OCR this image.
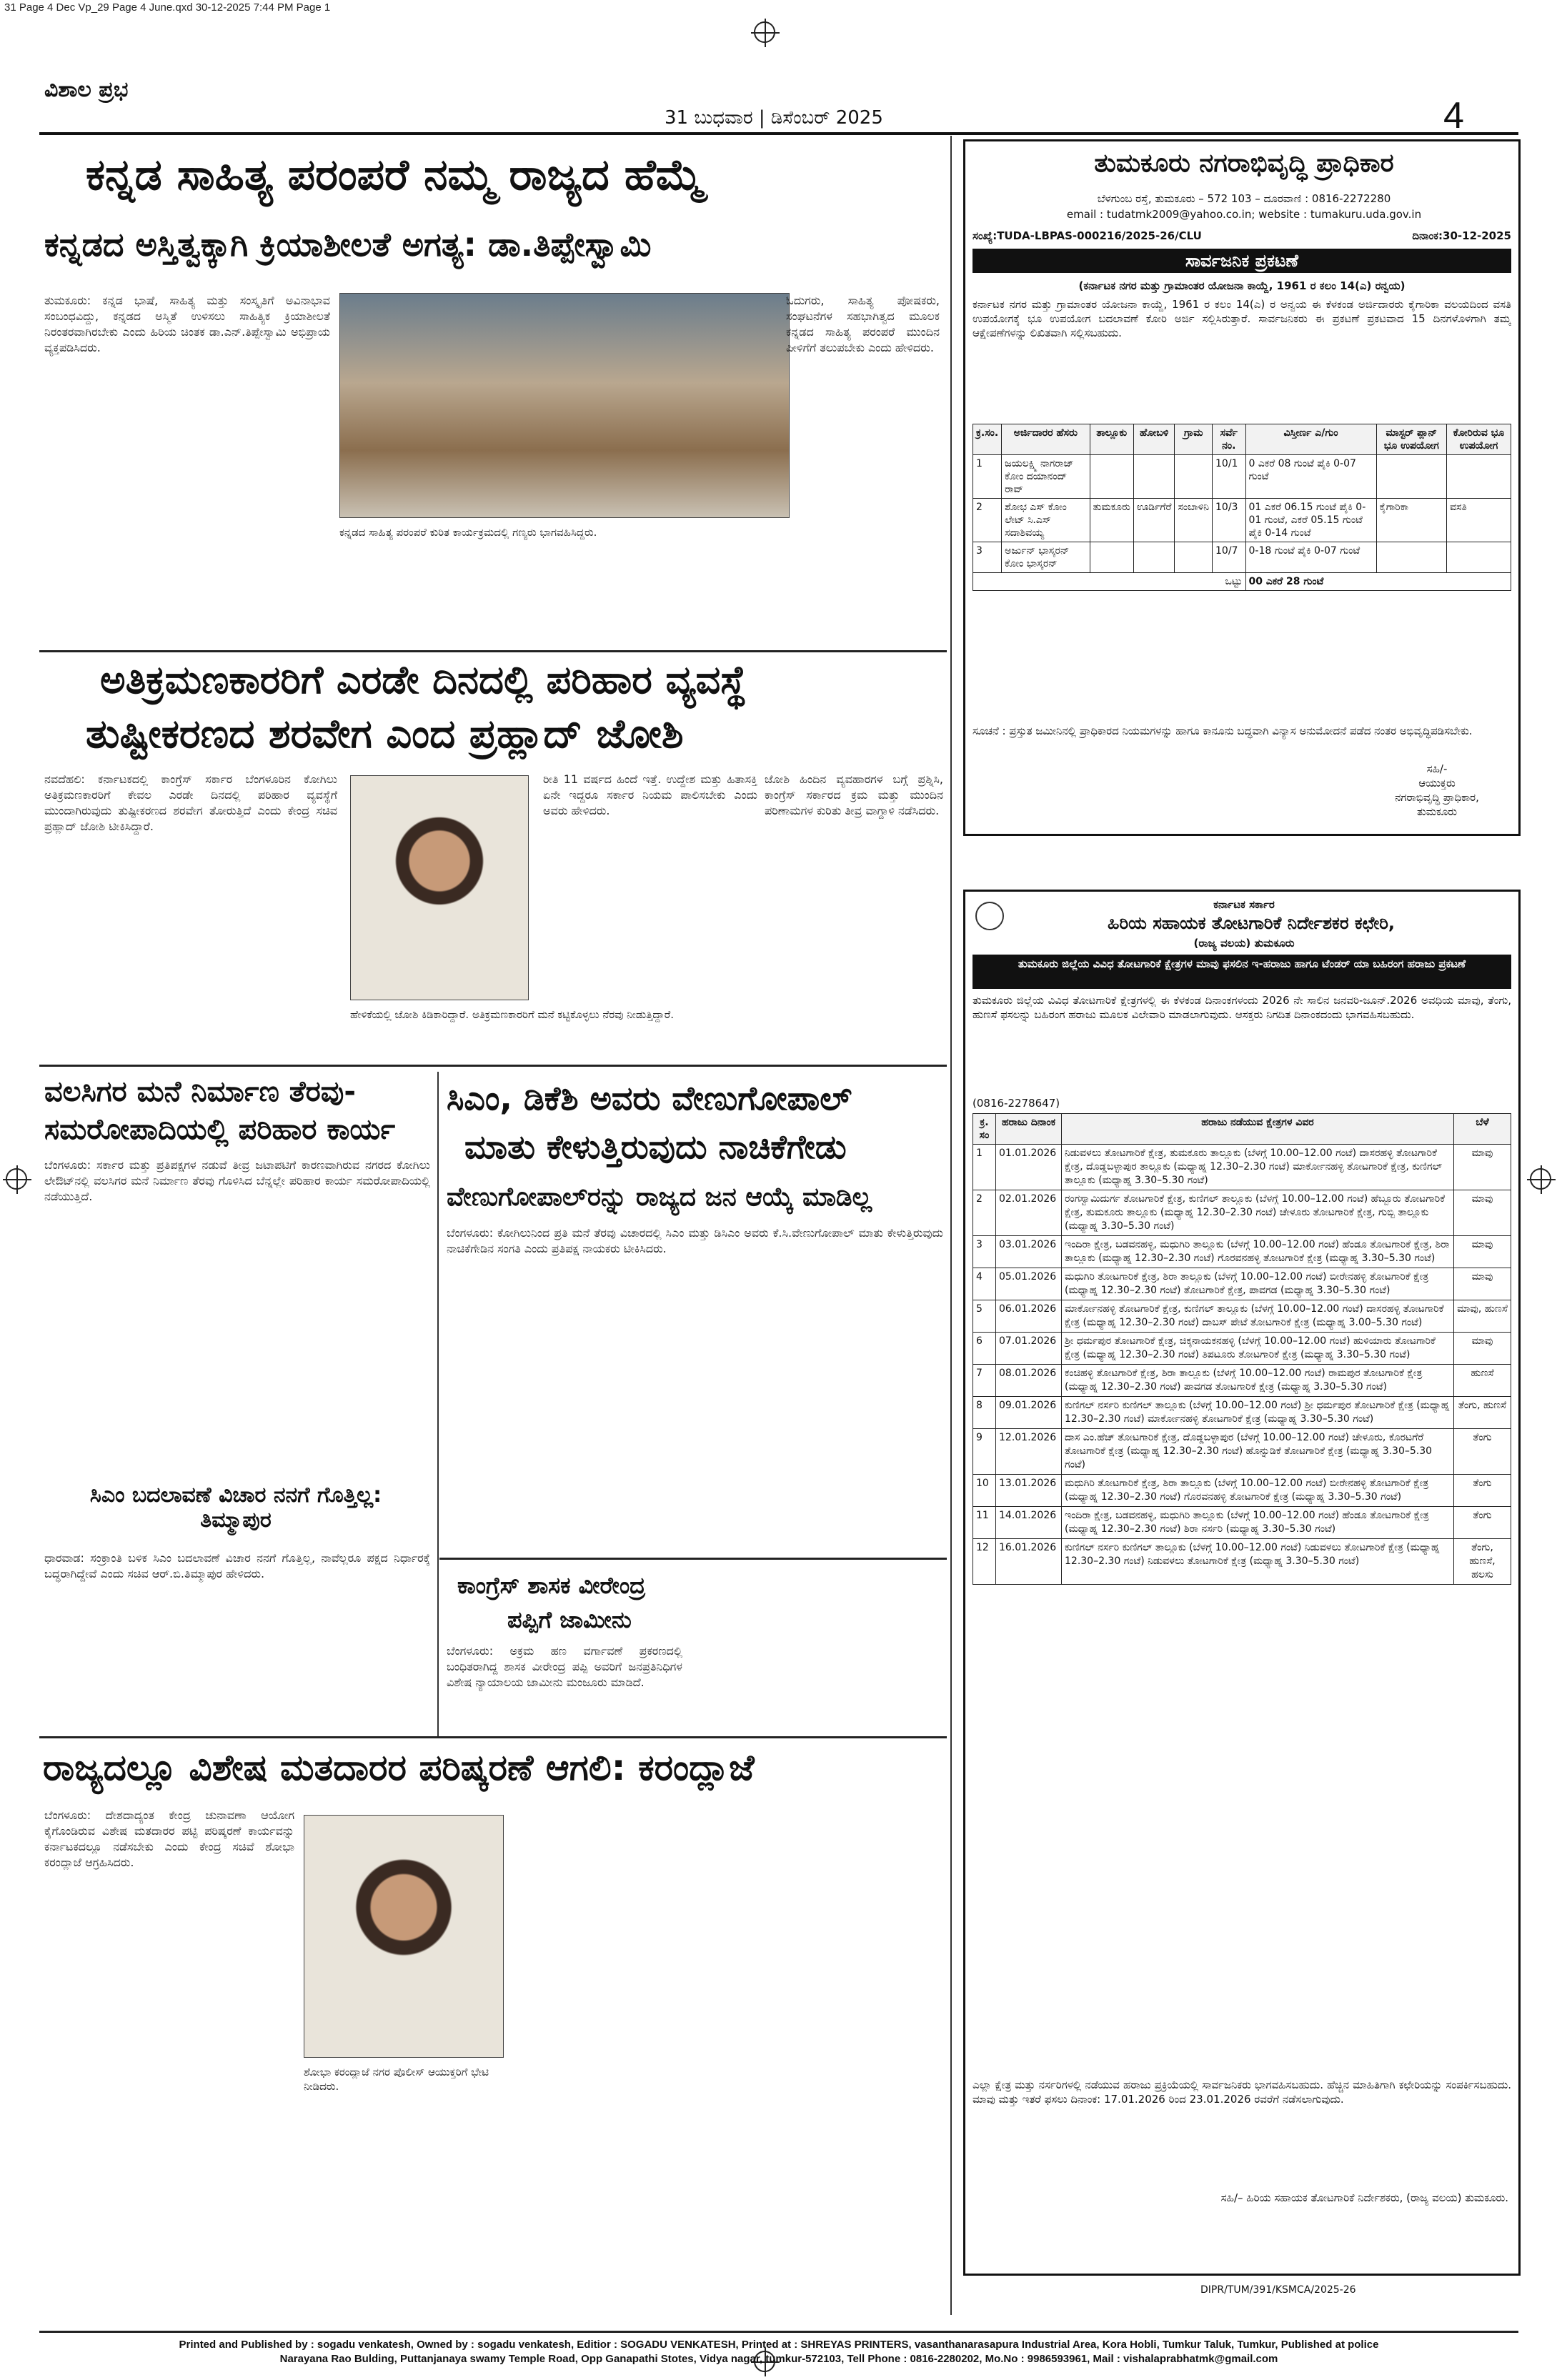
31 Page 4 Dec Vp_29 Page 4 June.qxd 30-12-2025 7:44 PM Page 1
ವಿಶಾಲ ಪ್ರಭ
31 ಬುಧವಾರ | ಡಿಸೆಂಬರ್ 2025	4
ಕನ್ನಡ ಸಾಹಿತ್ಯ ಪರಂಪರೆ ನಮ್ಮ ರಾಜ್ಯದ ಹೆಮ್ಮೆ
ಕನ್ನಡದ ಅಸ್ತಿತ್ವಕ್ಕಾಗಿ ಕ್ರಿಯಾಶೀಲತೆ ಅಗತ್ಯ: ಡಾ.ತಿಪ್ಪೇಸ್ವಾಮಿ
ತುಮಕೂರು: ಕನ್ನಡ ಭಾಷೆ, ಸಾಹಿತ್ಯ ಮತ್ತು ಸಂಸ್ಕೃತಿಗೆ ಅವಿನಾಭಾವ ಸಂಬಂಧವಿದ್ದು, ಕನ್ನಡದ ಅಸ್ಮಿತೆ ಉಳಿಸಲು ಸಾಹಿತ್ಯಿಕ ಕ್ರಿಯಾಶೀಲತೆ ನಿರಂತರವಾಗಿರಬೇಕು ಎಂದು ಹಿರಿಯ ಚಿಂತಕ ಡಾ.ಎನ್.ತಿಪ್ಪೇಸ್ವಾಮಿ ಅಭಿಪ್ರಾಯ ವ್ಯಕ್ತಪಡಿಸಿದರು.
ಕನ್ನಡದ ಸಾಹಿತ್ಯ ಪರಂಪರೆ ಕುರಿತ ಕಾರ್ಯಕ್ರಮದಲ್ಲಿ ಗಣ್ಯರು ಭಾಗವಹಿಸಿದ್ದರು.
ಓದುಗರು, ಸಾಹಿತ್ಯ ಪೋಷಕರು, ಸಂಘಟನೆಗಳ ಸಹಭಾಗಿತ್ವದ ಮೂಲಕ ಕನ್ನಡದ ಸಾಹಿತ್ಯ ಪರಂಪರೆ ಮುಂದಿನ ಪೀಳಿಗೆಗೆ ತಲುಪಬೇಕು ಎಂದು ಹೇಳಿದರು.
ಅತಿಕ್ರಮಣಕಾರರಿಗೆ ಎರಡೇ ದಿನದಲ್ಲಿ ಪರಿಹಾರ ವ್ಯವಸ್ಥೆ
ತುಷ್ಟೀಕರಣದ ಶರವೇಗ ಎಂದ ಪ್ರಹ್ಲಾದ್ ಜೋಶಿ
ನವದೆಹಲಿ: ಕರ್ನಾಟಕದಲ್ಲಿ ಕಾಂಗ್ರೆಸ್ ಸರ್ಕಾರ ಬೆಂಗಳೂರಿನ ಕೋಗಿಲು ಅತಿಕ್ರಮಣಕಾರರಿಗೆ ಕೇವಲ ಎರಡೇ ದಿನದಲ್ಲಿ ಪರಿಹಾರ ವ್ಯವಸ್ಥೆಗೆ ಮುಂದಾಗಿರುವುದು ತುಷ್ಟೀಕರಣದ ಶರವೇಗ ತೋರುತ್ತಿದೆ ಎಂದು ಕೇಂದ್ರ ಸಚಿವ ಪ್ರಹ್ಲಾದ್ ಜೋಶಿ ಟೀಕಿಸಿದ್ದಾರೆ.
ಹೇಳಿಕೆಯಲ್ಲಿ ಜೋಶಿ ಕಿಡಿಕಾರಿದ್ದಾರೆ. ಅತಿಕ್ರಮಣಕಾರರಿಗೆ ಮನೆ ಕಟ್ಟಿಕೊಳ್ಳಲು ನೆರವು ನೀಡುತ್ತಿದ್ದಾರೆ.
ರೀತಿ 11 ವರ್ಷದ ಹಿಂದೆ ಇತ್ತೆ. ಉದ್ದೇಶ ಮತ್ತು ಹಿತಾಸಕ್ತಿ ಏನೇ ಇದ್ದರೂ ಸರ್ಕಾರ ನಿಯಮ ಪಾಲಿಸಬೇಕು ಎಂದು ಅವರು ಹೇಳಿದರು.
ಜೋಶಿ ಹಿಂದಿನ ವ್ಯವಹಾರಗಳ ಬಗ್ಗೆ ಪ್ರಶ್ನಿಸಿ, ಕಾಂಗ್ರೆಸ್ ಸರ್ಕಾರದ ಕ್ರಮ ಮತ್ತು ಮುಂದಿನ ಪರಿಣಾಮಗಳ ಕುರಿತು ತೀವ್ರ ವಾಗ್ದಾಳಿ ನಡೆಸಿದರು.
ವಲಸಿಗರ ಮನೆ ನಿರ್ಮಾಣ ತೆರವು-
ಸಮರೋಪಾದಿಯಲ್ಲಿ ಪರಿಹಾರ ಕಾರ್ಯ
ಬೆಂಗಳೂರು: ಸರ್ಕಾರ ಮತ್ತು ಪ್ರತಿಪಕ್ಷಗಳ ನಡುವೆ ತೀವ್ರ ಜಟಾಪಟಿಗೆ ಕಾರಣವಾಗಿರುವ ನಗರದ ಕೋಗಿಲು ಲೇಔಟ್‌ನಲ್ಲಿ ವಲಸಿಗರ ಮನೆ ನಿರ್ಮಾಣ ತೆರವು ಗೊಳಿಸಿದ ಬೆನ್ನಲ್ಲೇ ಪರಿಹಾರ ಕಾರ್ಯ ಸಮರೋಪಾದಿಯಲ್ಲಿ ನಡೆಯುತ್ತಿದೆ.
ಸಿಎಂ ಬದಲಾವಣೆ ವಿಚಾರ ನನಗೆ ಗೊತ್ತಿಲ್ಲ: ತಿಮ್ಮಾಪುರ
ಧಾರವಾಡ: ಸಂಕ್ರಾಂತಿ ಬಳಿಕ ಸಿಎಂ ಬದಲಾವಣೆ ವಿಚಾರ ನನಗೆ ಗೊತ್ತಿಲ್ಲ, ನಾವೆಲ್ಲರೂ ಪಕ್ಷದ ನಿರ್ಧಾರಕ್ಕೆ ಬದ್ಧರಾಗಿದ್ದೇವೆ ಎಂದು ಸಚಿವ ಆರ್.ಬಿ.ತಿಮ್ಮಾಪುರ ಹೇಳಿದರು.
ಸಿಎಂ, ಡಿಕೆಶಿ ಅವರು ವೇಣುಗೋಪಾಲ್
ಮಾತು ಕೇಳುತ್ತಿರುವುದು ನಾಚಿಕೆಗೇಡು
ವೇಣುಗೋಪಾಲ್‌ರನ್ನು ರಾಜ್ಯದ ಜನ ಆಯ್ಕೆ ಮಾಡಿಲ್ಲ
ಬೆಂಗಳೂರು: ಕೋಗಿಲುನಿಂದ ಪ್ರತಿ ಮನೆ ತೆರವು ವಿಚಾರದಲ್ಲಿ ಸಿಎಂ ಮತ್ತು ಡಿಸಿಎಂ ಅವರು ಕೆ.ಸಿ.ವೇಣುಗೋಪಾಲ್ ಮಾತು ಕೇಳುತ್ತಿರುವುದು ನಾಚಿಕೆಗೇಡಿನ ಸಂಗತಿ ಎಂದು ಪ್ರತಿಪಕ್ಷ ನಾಯಕರು ಟೀಕಿಸಿದರು.
ಕಾಂಗ್ರೆಸ್ ಶಾಸಕ ವೀರೇಂದ್ರ
ಪಪ್ಪಿಗೆ ಜಾಮೀನು
ಬೆಂಗಳೂರು: ಅಕ್ರಮ ಹಣ ವರ್ಗಾವಣೆ ಪ್ರಕರಣದಲ್ಲಿ ಬಂಧಿತರಾಗಿದ್ದ ಶಾಸಕ ವೀರೇಂದ್ರ ಪಪ್ಪಿ ಅವರಿಗೆ ಜನಪ್ರತಿನಿಧಿಗಳ ವಿಶೇಷ ನ್ಯಾಯಾಲಯ ಜಾಮೀನು ಮಂಜೂರು ಮಾಡಿದೆ.
ರಾಜ್ಯದಲ್ಲೂ ವಿಶೇಷ ಮತದಾರರ ಪರಿಷ್ಕರಣೆ ಆಗಲಿ: ಕರಂದ್ಲಾಜೆ
ಬೆಂಗಳೂರು: ದೇಶದಾದ್ಯಂತ ಕೇಂದ್ರ ಚುನಾವಣಾ ಆಯೋಗ ಕೈಗೊಂಡಿರುವ ವಿಶೇಷ ಮತದಾರರ ಪಟ್ಟಿ ಪರಿಷ್ಕರಣೆ ಕಾರ್ಯವನ್ನು ಕರ್ನಾಟಕದಲ್ಲೂ ನಡೆಸಬೇಕು ಎಂದು ಕೇಂದ್ರ ಸಚಿವೆ ಶೋಭಾ ಕರಂದ್ಲಾಜೆ ಆಗ್ರಹಿಸಿದರು.
ಶೋಭಾ ಕರಂದ್ಲಾಜೆ ನಗರ ಪೊಲೀಸ್ ಆಯುಕ್ತರಿಗೆ ಭೇಟಿ ನೀಡಿದರು.
ತುಮಕೂರು ನಗರಾಭಿವೃದ್ಧಿ ಪ್ರಾಧಿಕಾರ
ಬೆಳಗುಂಬ ರಸ್ತೆ, ತುಮಕೂರು – 572 103 – ದೂರವಾಣಿ : 0816-2272280
email : tudatmk2009@yahoo.co.in; website : tumakuru.uda.gov.in
ಸಂಖ್ಯೆ:TUDA-LBPAS-000216/2025-26/CLU	ದಿನಾಂಕ:30-12-2025
ಸಾರ್ವಜನಿಕ ಪ್ರಕಟಣೆ
(ಕರ್ನಾಟಕ ನಗರ ಮತ್ತು ಗ್ರಾಮಾಂತರ ಯೋಜನಾ ಕಾಯ್ದೆ, 1961 ರ ಕಲಂ 14(ಎ) ರನ್ವಯ)
ಕರ್ನಾಟಕ ನಗರ ಮತ್ತು ಗ್ರಾಮಾಂತರ ಯೋಜನಾ ಕಾಯ್ದೆ, 1961 ರ ಕಲಂ 14(ಎ) ರ ಅನ್ವಯ ಈ ಕೆಳಕಂಡ ಅರ್ಜಿದಾರರು ಕೈಗಾರಿಕಾ ವಲಯದಿಂದ ವಸತಿ ಉಪಯೋಗಕ್ಕೆ ಭೂ ಉಪಯೋಗ ಬದಲಾವಣೆ ಕೋರಿ ಅರ್ಜಿ ಸಲ್ಲಿಸಿರುತ್ತಾರೆ. ಸಾರ್ವಜನಿಕರು ಈ ಪ್ರಕಟಣೆ ಪ್ರಕಟವಾದ 15 ದಿನಗಳೊಳಗಾಗಿ ತಮ್ಮ ಆಕ್ಷೇಪಣೆಗಳನ್ನು ಲಿಖಿತವಾಗಿ ಸಲ್ಲಿಸಬಹುದು.
ಕ್ರ.ಸಂ.	ಅರ್ಜಿದಾರರ ಹೆಸರು	ತಾಲ್ಲೂಕು	ಹೋಬಳಿ	ಗ್ರಾಮ	ಸರ್ವೆ ನಂ.	ವಿಸ್ತೀರ್ಣ ಎ/ಗುಂ	ಮಾಸ್ಟರ್ ಪ್ಲಾನ್ ಭೂ ಉಪಯೋಗ	ಕೋರಿರುವ ಭೂ ಉಪಯೋಗ
1	ಜಯಲಕ್ಷ್ಮಿ ನಾಗರಾಜ್ ಕೋಂ ದಯಾನಂದ್ ರಾವ್				10/1	0 ಎಕರೆ 08 ಗುಂಟೆ ಪೈಕಿ 0-07 ಗುಂಟೆ		
2	ಶೋಭ ಎಸ್ ಕೋಂ ಲೇಟ್ ಸಿ.ಎಸ್ ಸದಾಶಿವಯ್ಯ	ತುಮಕೂರು	ಊರ್ಡಿಗೆರೆ	ಸಂಬಾಳಿನಿ	10/3	01 ಎಕರೆ 06.15 ಗುಂಟೆ ಪೈಕಿ 0-01 ಗುಂಟೆ, ಎಕರೆ 05.15 ಗುಂಟೆ ಪೈಕಿ 0-14 ಗುಂಟೆ	ಕೈಗಾರಿಕಾ	ವಸತಿ
3	ಅರ್ಜುನ್ ಭಾಸ್ಕರನ್ ಕೋಂ ಭಾಸ್ಕರನ್				10/7	0-18 ಗುಂಟೆ ಪೈಕಿ 0-07 ಗುಂಟೆ		
ಒಟ್ಟು						00 ಎಕರೆ 28 ಗುಂಟೆ		
ಸೂಚನೆ : ಪ್ರಸ್ತುತ ಜಮೀನಿನಲ್ಲಿ ಪ್ರಾಧಿಕಾರದ ನಿಯಮಗಳನ್ನು ಹಾಗೂ ಕಾನೂನು ಬದ್ಧವಾಗಿ ವಿನ್ಯಾಸ ಅನುಮೋದನೆ ಪಡೆದ ನಂತರ ಅಭಿವೃದ್ಧಿಪಡಿಸಬೇಕು.
ಸಹಿ/-
ಆಯುಕ್ತರು
ನಗರಾಭಿವೃದ್ಧಿ ಪ್ರಾಧಿಕಾರ,
ತುಮಕೂರು
ಕರ್ನಾಟಕ ಸರ್ಕಾರ
ಹಿರಿಯ ಸಹಾಯಕ ತೋಟಗಾರಿಕೆ ನಿರ್ದೇಶಕರ ಕಛೇರಿ,
(ರಾಜ್ಯ ವಲಯ) ತುಮಕೂರು
ತುಮಕೂರು ಜಿಲ್ಲೆಯ ವಿವಿಧ ತೋಟಗಾರಿಕೆ ಕ್ಷೇತ್ರಗಳ ಮಾವು ಫಸಲಿನ ಇ-ಹರಾಜು ಹಾಗೂ ಟೆಂಡರ್ ಯಾ ಬಹಿರಂಗ ಹರಾಜು ಪ್ರಕಟಣೆ
ತುಮಕೂರು ಜಿಲ್ಲೆಯ ವಿವಿಧ ತೋಟಗಾರಿಕೆ ಕ್ಷೇತ್ರಗಳಲ್ಲಿ ಈ ಕೆಳಕಂಡ ದಿನಾಂಕಗಳಂದು 2026 ನೇ ಸಾಲಿನ ಜನವರಿ-ಜೂನ್.2026 ಅವಧಿಯ ಮಾವು, ತೆಂಗು, ಹುಣಸೆ ಫಸಲನ್ನು ಬಹಿರಂಗ ಹರಾಜು ಮೂಲಕ ವಿಲೇವಾರಿ ಮಾಡಲಾಗುವುದು. ಆಸಕ್ತರು ನಿಗದಿತ ದಿನಾಂಕದಂದು ಭಾಗವಹಿಸಬಹುದು.
(0816-2278647)
ಕ್ರ. ಸಂ	ಹರಾಜು ದಿನಾಂಕ	ಹರಾಜು ನಡೆಯುವ ಕ್ಷೇತ್ರಗಳ ವಿವರ	ಬೆಳೆ
1	01.01.2026	ನಿಡುವಳಲು ತೋಟಗಾರಿಕೆ ಕ್ಷೇತ್ರ, ತುಮಕೂರು ತಾಲ್ಲೂಕು (ಬೆಳಗ್ಗೆ 10.00–12.00 ಗಂಟೆ) ದಾಸರಹಳ್ಳಿ ತೋಟಗಾರಿಕೆ ಕ್ಷೇತ್ರ, ದೊಡ್ಡಬಳ್ಳಾಪುರ ತಾಲ್ಲೂಕು (ಮಧ್ಯಾಹ್ನ 12.30–2.30 ಗಂಟೆ) ಮಾರ್ಕೋನಹಳ್ಳಿ ತೋಟಗಾರಿಕೆ ಕ್ಷೇತ್ರ, ಕುಣಿಗಲ್ ತಾಲ್ಲೂಕು (ಮಧ್ಯಾಹ್ನ 3.30–5.30 ಗಂಟೆ)	ಮಾವು
2	02.01.2026	ರಂಗಸ್ವಾಮಿದುರ್ಗ ತೋಟಗಾರಿಕೆ ಕ್ಷೇತ್ರ, ಕುಣಿಗಲ್ ತಾಲ್ಲೂಕು (ಬೆಳಗ್ಗೆ 10.00–12.00 ಗಂಟೆ) ಹೆಬ್ಬೂರು ತೋಟಗಾರಿಕೆ ಕ್ಷೇತ್ರ, ತುಮಕೂರು ತಾಲ್ಲೂಕು (ಮಧ್ಯಾಹ್ನ 12.30–2.30 ಗಂಟೆ) ಚೇಳೂರು ತೋಟಗಾರಿಕೆ ಕ್ಷೇತ್ರ, ಗುಬ್ಬಿ ತಾಲ್ಲೂಕು (ಮಧ್ಯಾಹ್ನ 3.30–5.30 ಗಂಟೆ)	ಮಾವು
3	03.01.2026	ಇಂದಿರಾ ಕ್ಷೇತ್ರ, ಬಡವನಹಳ್ಳಿ, ಮಧುಗಿರಿ ತಾಲ್ಲೂಕು (ಬೆಳಗ್ಗೆ 10.00–12.00 ಗಂಟೆ) ಹೆಂಡೂ ತೋಟಗಾರಿಕೆ ಕ್ಷೇತ್ರ, ಶಿರಾ ತಾಲ್ಲೂಕು (ಮಧ್ಯಾಹ್ನ 12.30–2.30 ಗಂಟೆ) ಗೊರವನಹಳ್ಳಿ ತೋಟಗಾರಿಕೆ ಕ್ಷೇತ್ರ (ಮಧ್ಯಾಹ್ನ 3.30–5.30 ಗಂಟೆ)	ಮಾವು
4	05.01.2026	ಮಧುಗಿರಿ ತೋಟಗಾರಿಕೆ ಕ್ಷೇತ್ರ, ಶಿರಾ ತಾಲ್ಲೂಕು (ಬೆಳಗ್ಗೆ 10.00–12.00 ಗಂಟೆ) ಬೀರೇನಹಳ್ಳಿ ತೋಟಗಾರಿಕೆ ಕ್ಷೇತ್ರ (ಮಧ್ಯಾಹ್ನ 12.30–2.30 ಗಂಟೆ) ತೋಟಗಾರಿಕೆ ಕ್ಷೇತ್ರ, ಪಾವಗಡ (ಮಧ್ಯಾಹ್ನ 3.30–5.30 ಗಂಟೆ)	ಮಾವು
5	06.01.2026	ಮಾರ್ಕೋನಹಳ್ಳಿ ತೋಟಗಾರಿಕೆ ಕ್ಷೇತ್ರ, ಕುಣಿಗಲ್ ತಾಲ್ಲೂಕು (ಬೆಳಗ್ಗೆ 10.00–12.00 ಗಂಟೆ) ದಾಸರಹಳ್ಳಿ ತೋಟಗಾರಿಕೆ ಕ್ಷೇತ್ರ (ಮಧ್ಯಾಹ್ನ 12.30–2.30 ಗಂಟೆ) ದಾಬಸ್ ಪೇಟೆ ತೋಟಗಾರಿಕೆ ಕ್ಷೇತ್ರ (ಮಧ್ಯಾಹ್ನ 3.00–5.30 ಗಂಟೆ)	ಮಾವು, ಹುಣಸೆ
6	07.01.2026	ಶ್ರೀ ಧರ್ಮಪುರ ತೋಟಗಾರಿಕೆ ಕ್ಷೇತ್ರ, ಚಿಕ್ಕನಾಯಕನಹಳ್ಳಿ (ಬೆಳಗ್ಗೆ 10.00–12.00 ಗಂಟೆ) ಹುಳಿಯಾರು ತೋಟಗಾರಿಕೆ ಕ್ಷೇತ್ರ (ಮಧ್ಯಾಹ್ನ 12.30–2.30 ಗಂಟೆ) ತಿಪಟೂರು ತೋಟಗಾರಿಕೆ ಕ್ಷೇತ್ರ (ಮಧ್ಯಾಹ್ನ 3.30–5.30 ಗಂಟೆ)	ಮಾವು
7	08.01.2026	ಕಂಚಿಹಳ್ಳಿ ತೋಟಗಾರಿಕೆ ಕ್ಷೇತ್ರ, ಶಿರಾ ತಾಲ್ಲೂಕು (ಬೆಳಗ್ಗೆ 10.00–12.00 ಗಂಟೆ) ರಾಮಪುರ ತೋಟಗಾರಿಕೆ ಕ್ಷೇತ್ರ (ಮಧ್ಯಾಹ್ನ 12.30–2.30 ಗಂಟೆ) ಪಾವಗಡ ತೋಟಗಾರಿಕೆ ಕ್ಷೇತ್ರ (ಮಧ್ಯಾಹ್ನ 3.30–5.30 ಗಂಟೆ)	ಹುಣಸೆ
8	09.01.2026	ಕುಣಿಗಲ್ ನರ್ಸರಿ ಕುಣಿಗಲ್ ತಾಲ್ಲೂಕು (ಬೆಳಗ್ಗೆ 10.00–12.00 ಗಂಟೆ) ಶ್ರೀ ಧರ್ಮಪುರ ತೋಟಗಾರಿಕೆ ಕ್ಷೇತ್ರ (ಮಧ್ಯಾಹ್ನ 12.30–2.30 ಗಂಟೆ) ಮಾರ್ಕೋನಹಳ್ಳಿ ತೋಟಗಾರಿಕೆ ಕ್ಷೇತ್ರ (ಮಧ್ಯಾಹ್ನ 3.30–5.30 ಗಂಟೆ)	ತೆಂಗು, ಹುಣಸೆ
9	12.01.2026	ದಾಸ ಎಂ.ಹೆಚ್ ತೋಟಗಾರಿಕೆ ಕ್ಷೇತ್ರ, ದೊಡ್ಡಬಳ್ಳಾಪುರ (ಬೆಳಗ್ಗೆ 10.00–12.00 ಗಂಟೆ) ಚೇಳೂರು, ಕೊರಟಗೆರೆ ತೋಟಗಾರಿಕೆ ಕ್ಷೇತ್ರ (ಮಧ್ಯಾಹ್ನ 12.30–2.30 ಗಂಟೆ) ಹೊನ್ನುಡಿಕೆ ತೋಟಗಾರಿಕೆ ಕ್ಷೇತ್ರ (ಮಧ್ಯಾಹ್ನ 3.30–5.30 ಗಂಟೆ)	ತೆಂಗು
10	13.01.2026	ಮಧುಗಿರಿ ತೋಟಗಾರಿಕೆ ಕ್ಷೇತ್ರ, ಶಿರಾ ತಾಲ್ಲೂಕು (ಬೆಳಗ್ಗೆ 10.00–12.00 ಗಂಟೆ) ಬೀರೇನಹಳ್ಳಿ ತೋಟಗಾರಿಕೆ ಕ್ಷೇತ್ರ (ಮಧ್ಯಾಹ್ನ 12.30–2.30 ಗಂಟೆ) ಗೊರವನಹಳ್ಳಿ ತೋಟಗಾರಿಕೆ ಕ್ಷೇತ್ರ (ಮಧ್ಯಾಹ್ನ 3.30–5.30 ಗಂಟೆ)	ತೆಂಗು
11	14.01.2026	ಇಂದಿರಾ ಕ್ಷೇತ್ರ, ಬಡವನಹಳ್ಳಿ, ಮಧುಗಿರಿ ತಾಲ್ಲೂಕು (ಬೆಳಗ್ಗೆ 10.00–12.00 ಗಂಟೆ) ಹೆಂಡೂ ತೋಟಗಾರಿಕೆ ಕ್ಷೇತ್ರ (ಮಧ್ಯಾಹ್ನ 12.30–2.30 ಗಂಟೆ) ಶಿರಾ ನರ್ಸರಿ (ಮಧ್ಯಾಹ್ನ 3.30–5.30 ಗಂಟೆ)	ತೆಂಗು
12	16.01.2026	ಕುಣಿಗಲ್ ನರ್ಸರಿ ಕುಣಿಗಲ್ ತಾಲ್ಲೂಕು (ಬೆಳಗ್ಗೆ 10.00–12.00 ಗಂಟೆ) ನಿಡುವಳಲು ತೋಟಗಾರಿಕೆ ಕ್ಷೇತ್ರ (ಮಧ್ಯಾಹ್ನ 12.30–2.30 ಗಂಟೆ) ನಿಡುವಳಲು ತೋಟಗಾರಿಕೆ ಕ್ಷೇತ್ರ (ಮಧ್ಯಾಹ್ನ 3.30–5.30 ಗಂಟೆ)	ತೆಂಗು, ಹುಣಸೆ, ಹಲಸು
ಎಲ್ಲಾ ಕ್ಷೇತ್ರ ಮತ್ತು ನರ್ಸರಿಗಳಲ್ಲಿ ನಡೆಯುವ ಹರಾಜು ಪ್ರಕ್ರಿಯೆಯಲ್ಲಿ ಸಾರ್ವಜನಿಕರು ಭಾಗವಹಿಸಬಹುದು. ಹೆಚ್ಚಿನ ಮಾಹಿತಿಗಾಗಿ ಕಛೇರಿಯನ್ನು ಸಂಪರ್ಕಿಸಬಹುದು. ಮಾವು ಮತ್ತು ಇತರೆ ಫಸಲು ದಿನಾಂಕ: 17.01.2026 ರಿಂದ 23.01.2026 ರವರೆಗೆ ನಡೆಸಲಾಗುವುದು.
ಸಹಿ/– ಹಿರಿಯ ಸಹಾಯಕ ತೋಟಗಾರಿಕೆ ನಿರ್ದೇಶಕರು, (ರಾಜ್ಯ ವಲಯ) ತುಮಕೂರು.
DIPR/TUM/391/KSMCA/2025-26
Printed and Published by : sogadu venkatesh, Owned by : sogadu venkatesh, Editior : SOGADU VENKATESH, Printed at : SHREYAS PRINTERS, vasanthanarasapura Industrial Area, Kora Hobli, Tumkur Taluk, Tumkur, Published at police
Narayana Rao Bulding, Puttanjanaya swamy Temple Road, Opp Ganapathi Stotes, Vidya nagar, tumkur-572103, Tell Phone : 0816-2280202, Mo.No : 9986593961, Mail : vishalaprabhatmk@gmail.com
